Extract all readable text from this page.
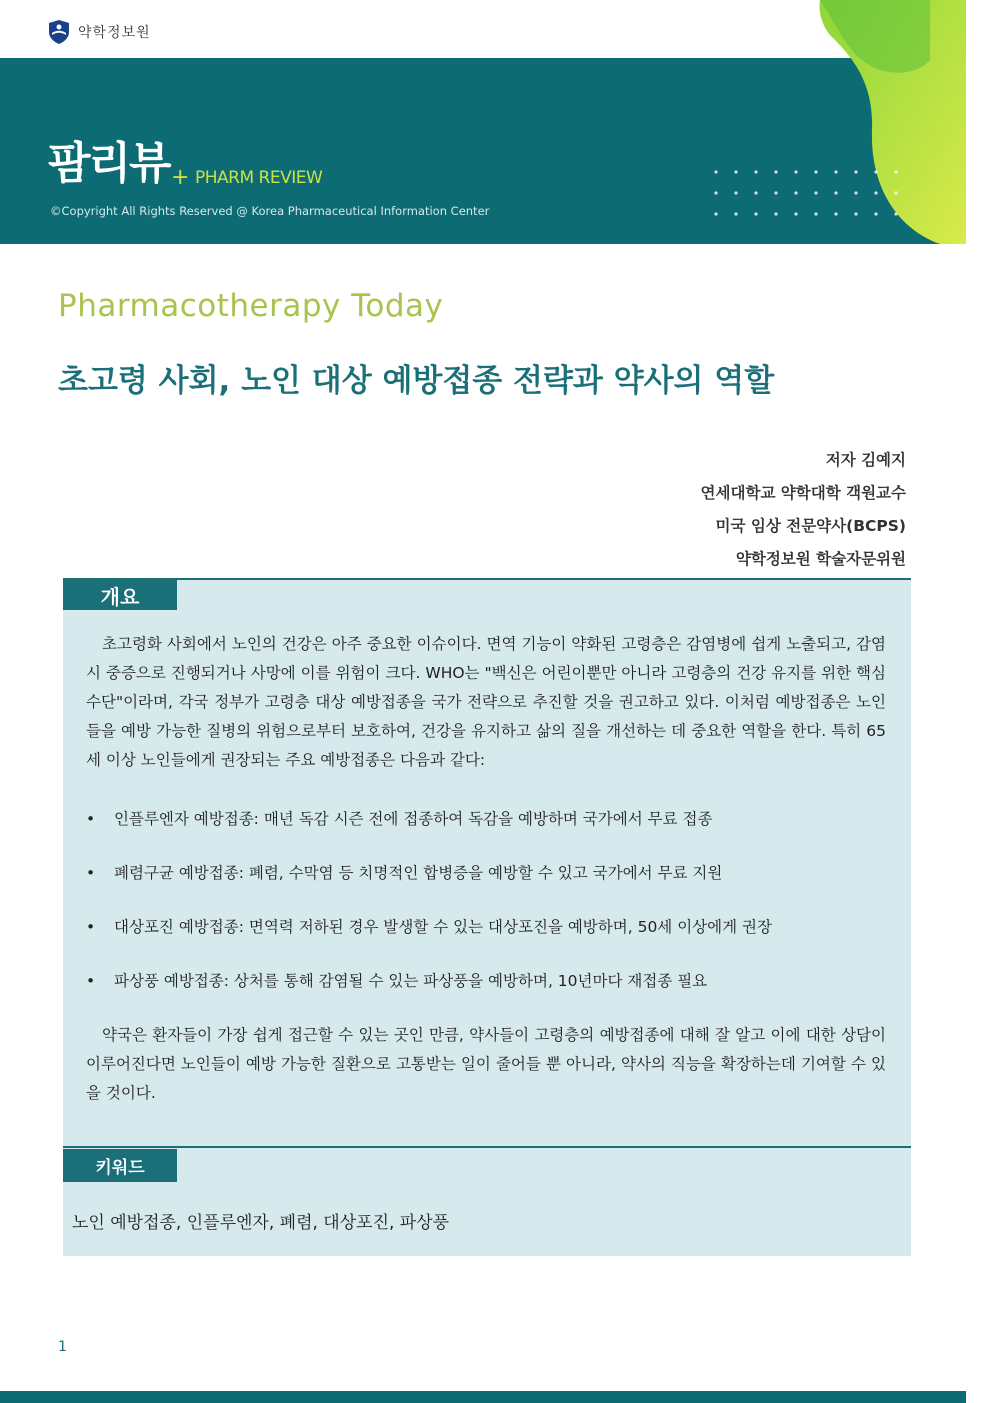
약학정보원
팜리뷰 + PHARM REVIEW
©Copyright All Rights Reserved @ Korea Pharmaceutical Information Center
Pharmacotherapy Today
초고령 사회, 노인 대상 예방접종 전략과 약사의 역할
저자 김예지
연세대학교 약학대학 객원교수
미국 임상 전문약사(BCPS)
약학정보원 학술자문위원
개요

초고령화 사회에서 노인의 건강은 아주 중요한 이슈이다. 면역 기능이 약화된 고령층은 감염병에 쉽게 노출되고, 감염 시 중증으로 진행되거나 사망에 이를 위험이 크다. WHO는 "백신은 어린이뿐만 아니라 고령층의 건강 유지를 위한 핵심 수단"이라며, 각국 정부가 고령층 대상 예방접종을 국가 전략으로 추진할 것을 권고하고 있다. 이처럼 예방접종은 노인들을 예방 가능한 질병의 위험으로부터 보호하여, 건강을 유지하고 삶의 질을 개선하는 데 중요한 역할을 한다. 특히 65세 이상 노인들에게 권장되는 주요 예방접종은 다음과 같다:

• 인플루엔자 예방접종: 매년 독감 시즌 전에 접종하여 독감을 예방하며 국가에서 무료 접종
• 폐렴구균 예방접종: 폐렴, 수막염 등 치명적인 합병증을 예방할 수 있고 국가에서 무료 지원
• 대상포진 예방접종: 면역력 저하된 경우 발생할 수 있는 대상포진을 예방하며, 50세 이상에게 권장
• 파상풍 예방접종: 상처를 통해 감염될 수 있는 파상풍을 예방하며, 10년마다 재접종 필요

약국은 환자들이 가장 쉽게 접근할 수 있는 곳인 만큼, 약사들이 고령층의 예방접종에 대해 잘 알고 이에 대한 상담이 이루어진다면 노인들이 예방 가능한 질환으로 고통받는 일이 줄어들 뿐 아니라, 약사의 직능을 확장하는데 기여할 수 있을 것이다.

키워드
노인 예방접종, 인플루엔자, 폐렴, 대상포진, 파상풍
1
